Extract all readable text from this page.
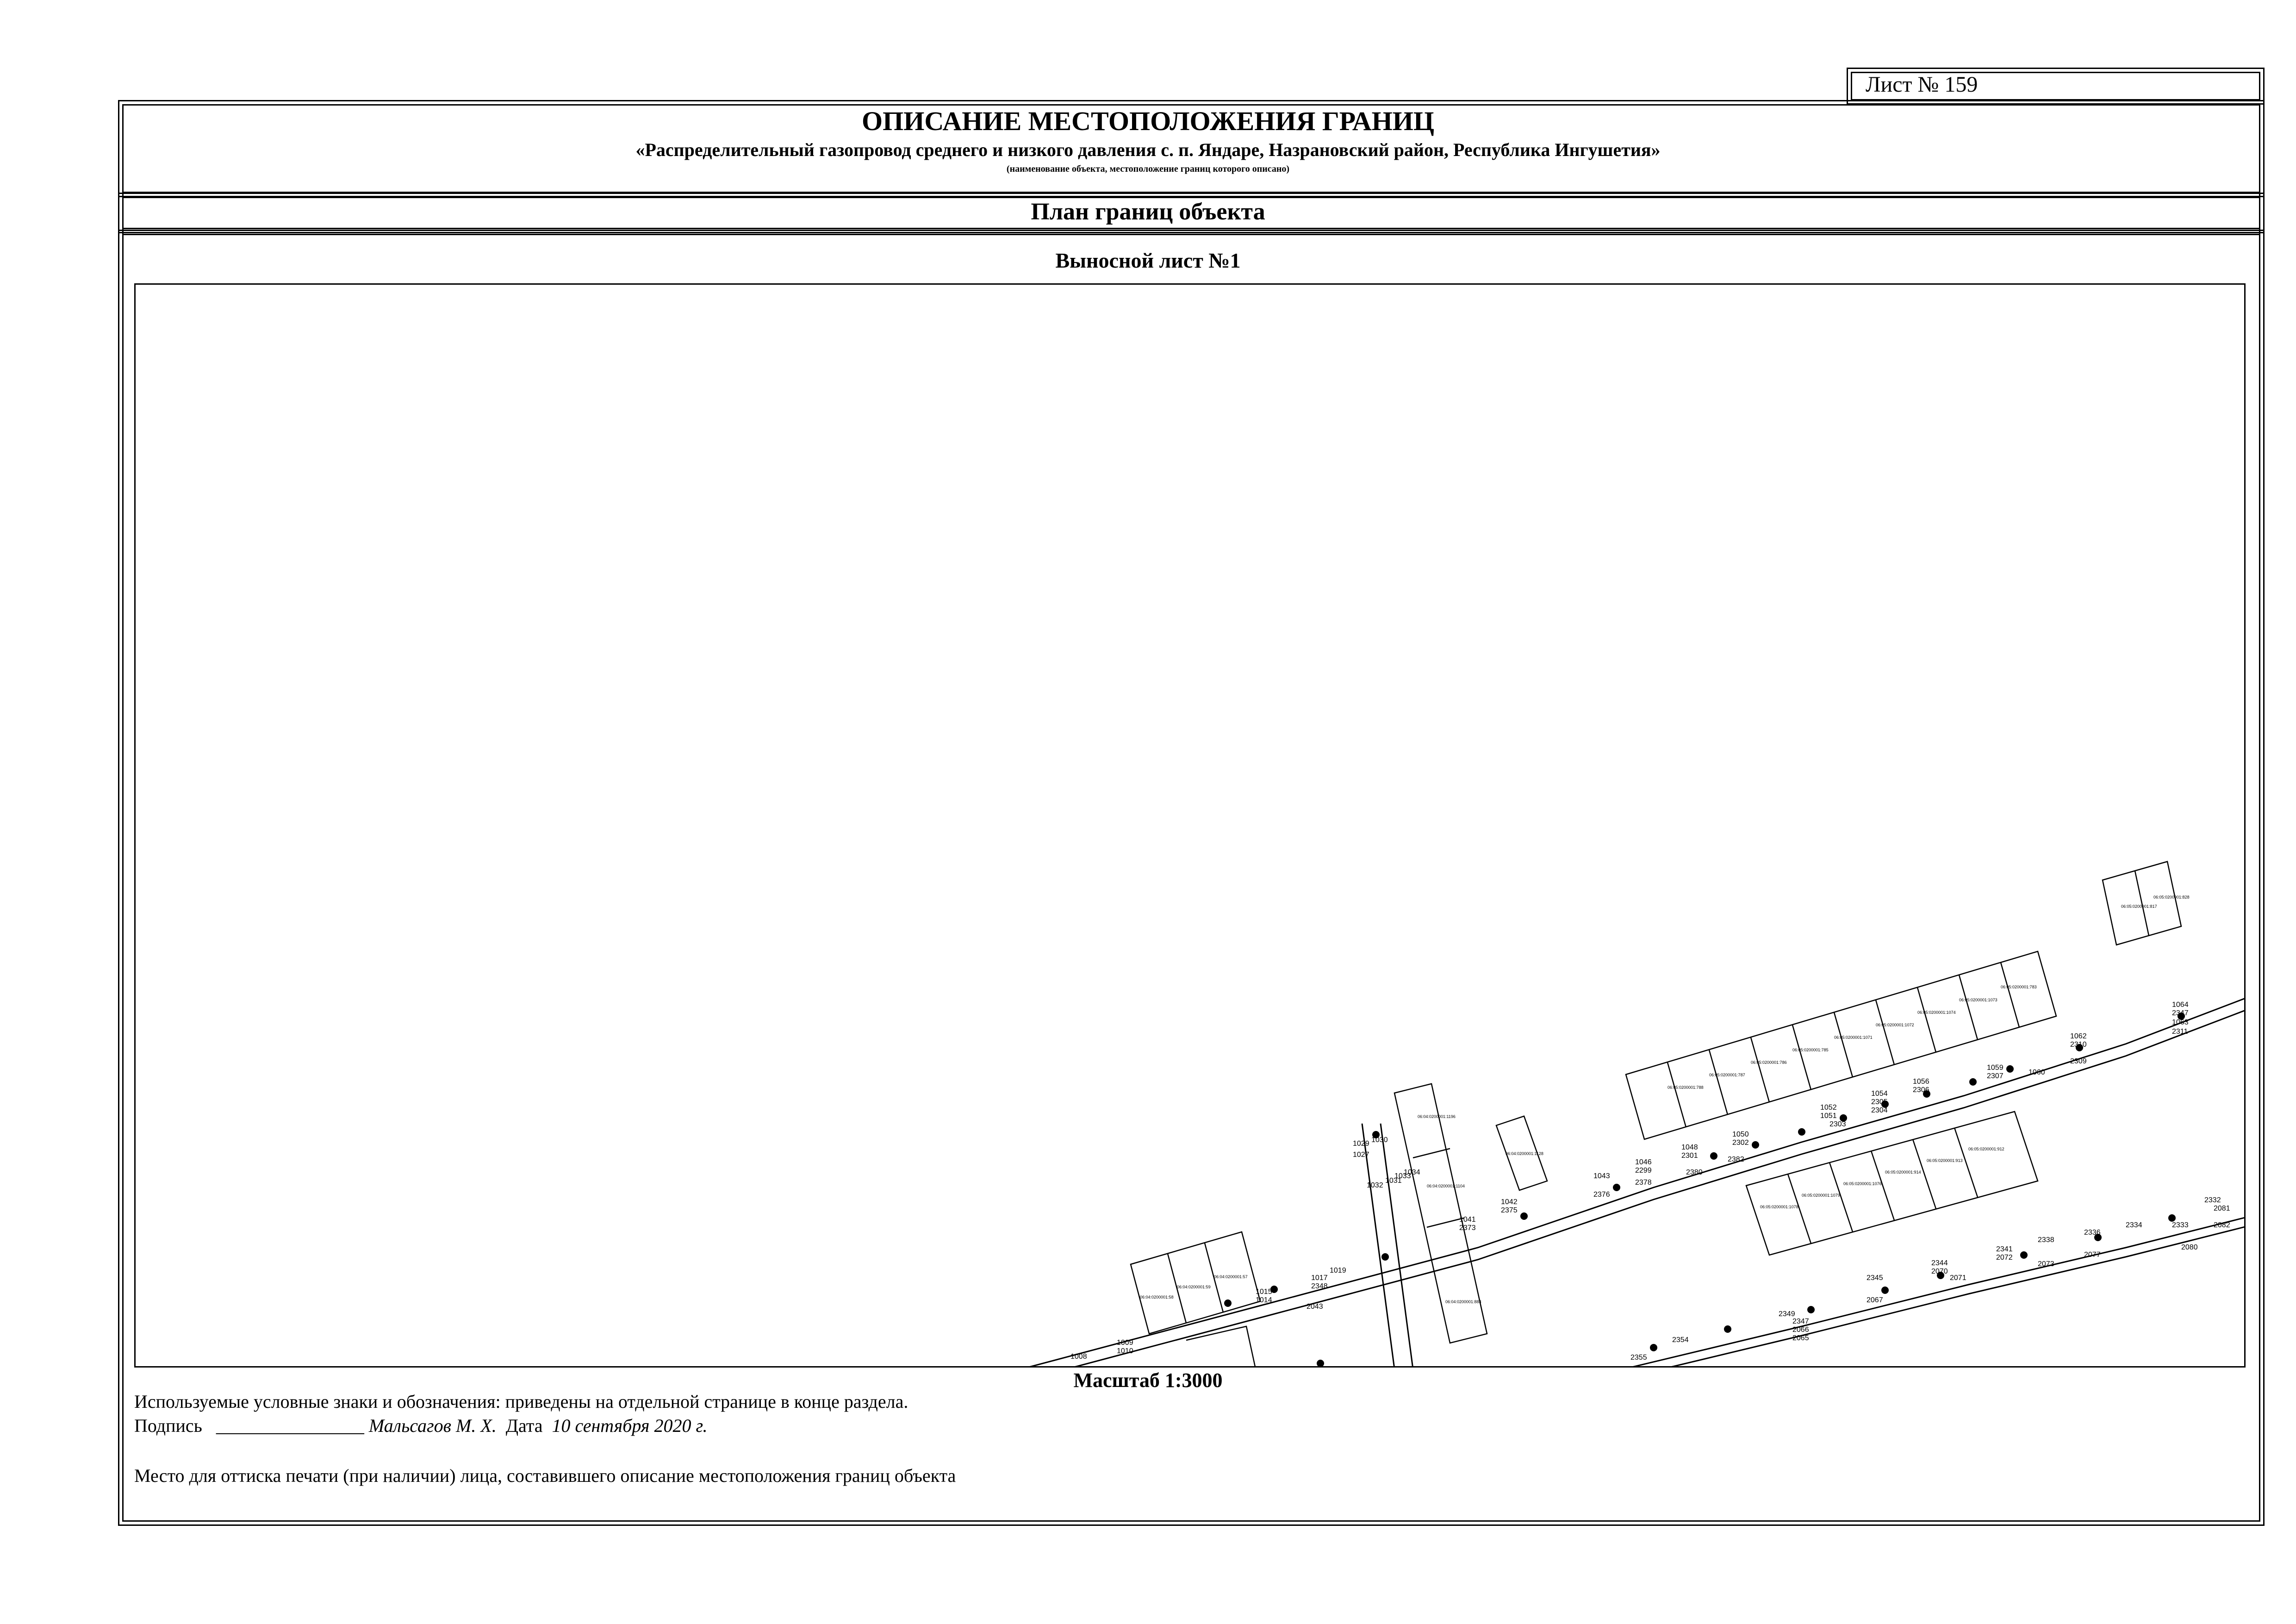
Лист № 159
ОПИСАНИЕ МЕСТОПОЛОЖЕНИЯ ГРАНИЦ
«Распределительный газопровод среднего и низкого давления с. п. Яндаре, Назрановский район, Республика Ингушетия»
(наименование объекта, местоположение границ которого описано)
План границ объекта
Выносной лист №1
1064
2347
1063
2311
1062
2310
2309
1060
1059
1056
2307
2306
1054
2305
2304
1052
1051
2303
1050
2302
2382
1048
2301
2380
1046
2299
2378
1043
2376
1042
2375
1041
2373
1029 1030
1027
1031
1033
1032
1034
1019
2349
1017
2348
1015
1014
2043
2345
2067
2344
2070
2071
2341
2072
2338
2073
2336
2077
2334	2333
2080
2332
2081
2082
2347
2066
2065
2354
2355
1008
1009
1010
06:05:0200001:817
06:05:0200001:828
06:05:0200001:783
06:05:0200001:1073
06:05:0200001:1074
06:05:0200001:1072
06:05:0200001:1071
06:05:0200001:785
06:05:0200001:786
06:05:0200001:787
06:05:0200001:788
06:05:0200001:912
06:05:0200001:913
06:05:0200001:914
06:05:0200001:1076
06:05:0200001:1079
06:05:0200001:1078
06:04:0200001:1196
06:04:0200001:1104
06:04:0200001:1128
06:04:0200001:883
06:04:0200001:58
06:04:0200001:59
06:04:0200001:57
Масштаб 1:3000
Используемые условные знаки и обозначения: приведены на отдельной странице в конце раздела.
Подпись ________________ Мальсагов М. Х. Дата 10 сентября 2020 г.
Место для оттиска печати (при наличии) лица, составившего описание местоположения границ объекта
